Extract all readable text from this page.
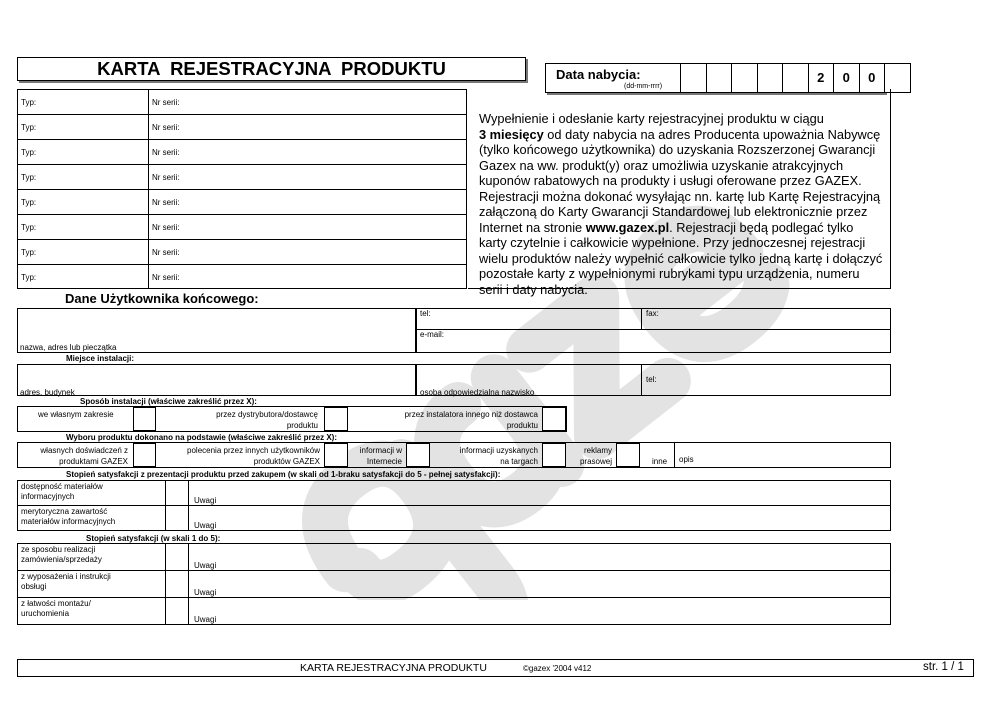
KARTA  REJESTRACYJNA  PRODUKTU	Data nabycia:
(dd-mm-rrrr)
2	0	0
Typ:	Nr serii:
Typ:	Nr serii:
Typ:	Nr serii:
Typ:	Nr serii:
Typ:	Nr serii:
Typ:	Nr serii:
Typ:	Nr serii:
Typ:	Nr serii:
Wypełnienie i odesłanie karty rejestracyjnej produktu w ciągu
3 miesięcy od daty nabycia na adres Producenta upoważnia Nabywcę (tylko końcowego użytkownika) do uzyskania Rozszerzonej Gwarancji Gazex na ww. produkt(y) oraz umożliwia uzyskanie atrakcyjnych kuponów rabatowych na produkty i usługi oferowane przez GAZEX. Rejestracji można dokonać wysyłając nn. kartę lub Kartę Rejestracyjną załączoną do Karty Gwarancji Standardowej lub elektronicznie przez Internet na stronie www.gazex.pl. Rejestracji będą podlegać tylko karty czytelnie i całkowicie wypełnione. Przy jednoczesnej rejestracji wielu produktów należy wypełnić całkowicie tylko jedną kartę i dołączyć pozostałe karty z wypełnionymi rubrykami typu urządzenia, numeru serii i daty nabycia.
Dane Użytkownika końcowego:
nazwa, adres lub pieczątka
tel:	fax:
e-mail:
Miejsce instalacji:
adres, budynek	osoba odpowiedzialna nazwisko
tel:
Sposób instalacji (właściwe zakreślić przez X):
we własnym zakresie	przez dystrybutora/dostawcę
produktu
przez instalatora innego niż dostawca
produktu
Wyboru produktu dokonano na podstawie (właściwe zakreślić przez X):
własnych doświadczeń z
produktami GAZEX
polecenia przez innych użytkowników
produktów GAZEX
informacji w
Internecie
informacji uzyskanych
na targach
reklamy
prasowej	inne opis
Stopień satysfakcji z prezentacji produktu przed zakupem (w skali od 1-braku satysfakcji do 5 - pełnej satysfakcji):
dostępność materiałów
informacyjnych	Uwagi
merytoryczna zawartość
materiałów informacyjnych	Uwagi
Stopień satysfakcji (w skali 1 do 5):
ze sposobu realizacji
zamówienia/sprzedaży
Uwagi
z wyposażenia i instrukcji
obsługi
Uwagi
z łatwości montażu/
uruchomienia
Uwagi
KARTA REJESTRACYJNA PRODUKTU	©gazex '2004 v412	str. 1 / 1
